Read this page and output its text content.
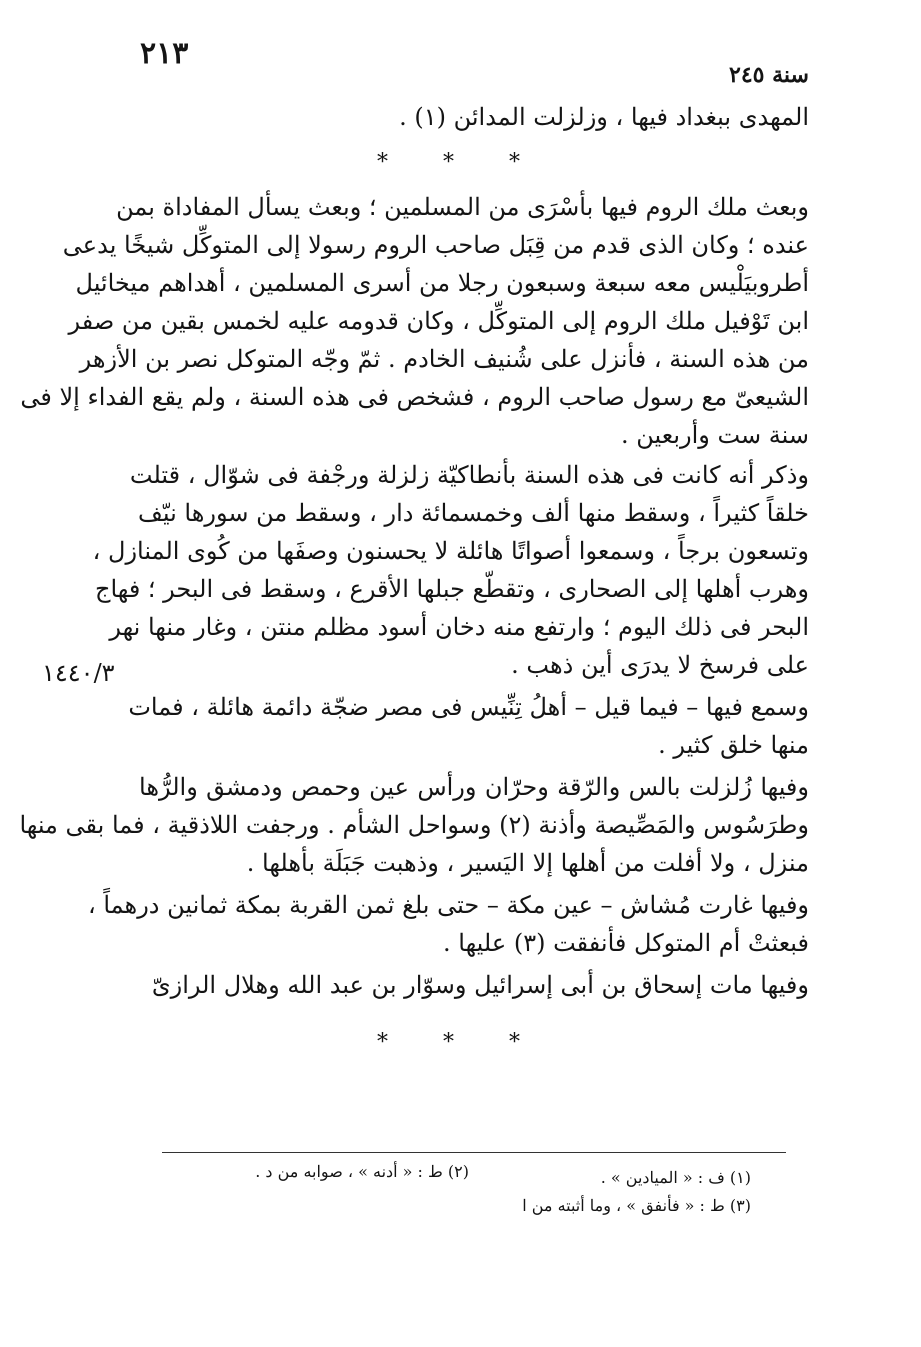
٢١٣
سنة ٢٤٥
المهدى ببغداد فيها ، وزلزلت المدائن (١) .
* * *
وبعث ملك الروم فيها بأسْرَى من المسلمين ؛ وبعث يسأل المفاداة بمن
عنده ؛ وكان الذى قدم من قِبَل صاحب الروم رسولا إلى المتوكِّل شيخًا يدعى
أطروبيَلْيس معه سبعة وسبعون رجلا من أسرى المسلمين ، أهداهم ميخائيل
ابن تَوْفيل ملك الروم إلى المتوكِّل ، وكان قدومه عليه لخمس بقين من صفر
من هذه السنة ، فأنزل على شُنيف الخادم . ثمّ وجّه المتوكل نصر بن الأزهر
الشيعىّ مع رسول صاحب الروم ، فشخص فى هذه السنة ، ولم يقع الفداء إلا فى
سنة ست وأربعين .
وذكر أنه كانت فى هذه السنة بأنطاكيّة زلزلة ورجْفة فى شوّال ، قتلت
خلقاً كثيراً ، وسقط منها ألف وخمسمائة دار ، وسقط من سورها نيّف
وتسعون برجاً ، وسمعوا أصواتًا هائلة لا يحسنون وصفَها من كُوى المنازل ،
وهرب أهلها إلى الصحارى ، وتقطّع جبلها الأقرع ، وسقط فى البحر ؛ فهاج
البحر فى ذلك اليوم ؛ وارتفع منه دخان أسود مظلم منتن ، وغار منها نهر
على فرسخ لا يدرَى أين ذهب .
وسمع فيها – فيما قيل – أهلُ تِنِّيس فى مصر ضجّة دائمة هائلة ، فمات
منها خلق كثير .
وفيها زُلزلت بالس والرّقة وحرّان ورأس عين وحمص ودمشق والرُّها
وطرَسُوس والمَصِّيصة وأذنة (٢) وسواحل الشأم . ورجفت اللاذقية ، فما بقى منها
منزل ، ولا أفلت من أهلها إلا اليَسير ، وذهبت جَبَلَة بأهلها .
وفيها غارت مُشاش – عين مكة – حتى بلغ ثمن القربة بمكة ثمانين درهماً ،
فبعثتْ أم المتوكل فأنفقت (٣) عليها .
وفيها مات إسحاق بن أبى إسرائيل وسوّار بن عبد الله وهلال الرازىّ
* * *
١٤٤٠/٣
(١) ف : « الميادين » .
(٢) ط : « أدنه » ، صوابه من د .
(٣) ط : « فأنفق » ، وما أثبته من ا
